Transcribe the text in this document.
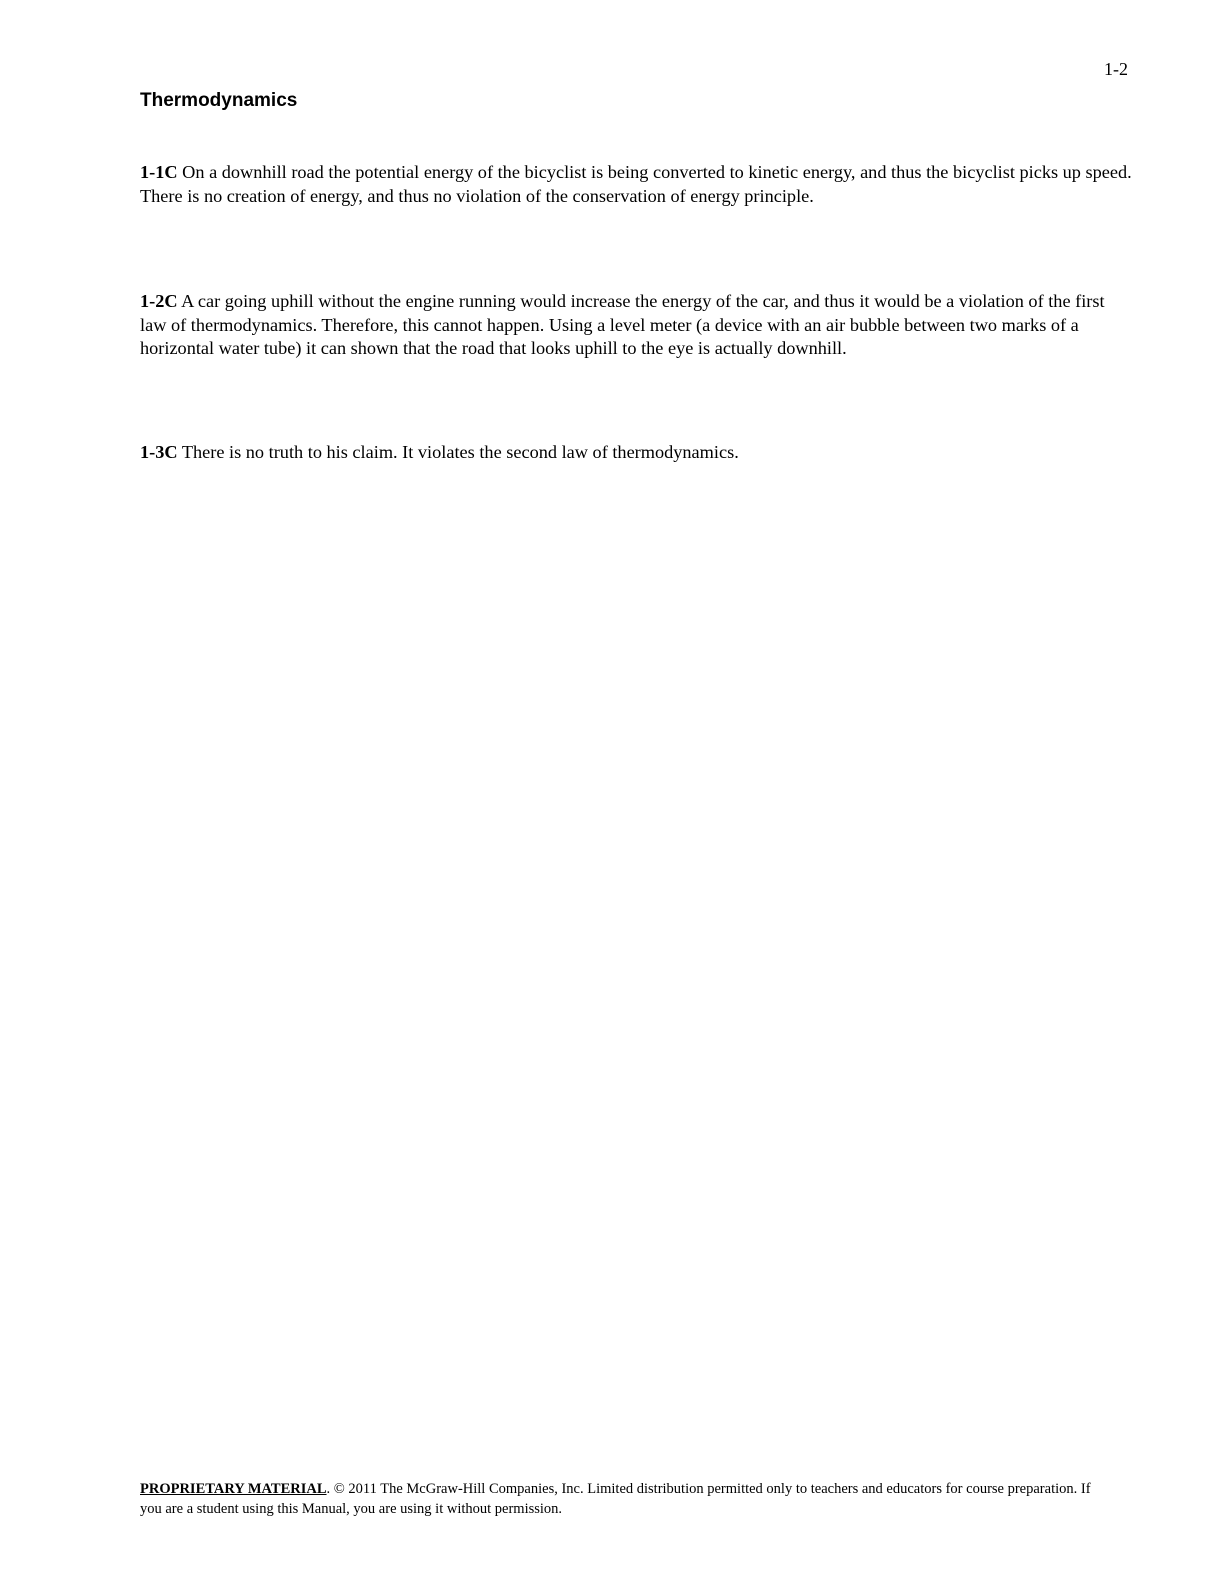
1-2
Thermodynamics

1-1C On a downhill road the potential energy of the bicyclist is being converted to kinetic energy, and thus the bicyclist picks up speed. There is no creation of energy, and thus no violation of the conservation of energy principle.

1-2C A car going uphill without the engine running would increase the energy of the car, and thus it would be a violation of the first law of thermodynamics. Therefore, this cannot happen. Using a level meter (a device with an air bubble between two marks of a horizontal water tube) it can shown that the road that looks uphill to the eye is actually downhill.

1-3C There is no truth to his claim. It violates the second law of thermodynamics.

PROPRIETARY MATERIAL. © 2011 The McGraw-Hill Companies, Inc. Limited distribution permitted only to teachers and educators for course preparation. If you are a student using this Manual, you are using it without permission.
